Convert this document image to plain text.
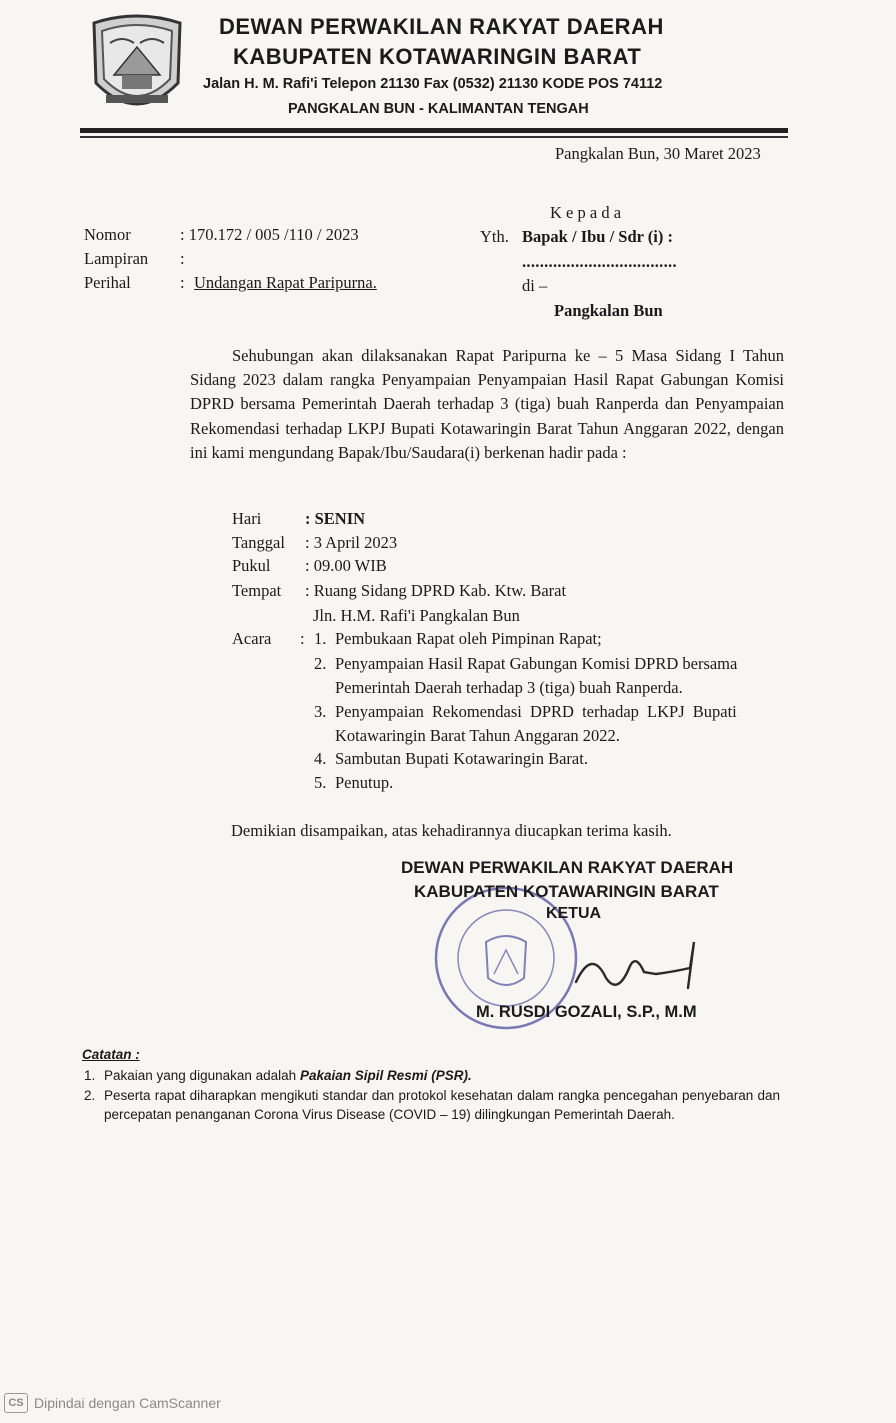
DEWAN PERWAKILAN RAKYAT DAERAH
KABUPATEN KOTAWARINGIN BARAT
Jalan H. M. Rafi'i Telepon 21130 Fax (0532) 21130 KODE POS 74112
PANGKALAN BUN - KALIMANTAN TENGAH
Pangkalan Bun, 30 Maret 2023
Nomor	: 170.172 / 005 /110 / 2023
Lampiran :
Perihal	: Undangan Rapat Paripurna.
K e p a d a
Yth. Bapak / Ibu / Sdr (i) :
...................................
di –
Pangkalan Bun
Sehubungan akan dilaksanakan Rapat Paripurna ke – 5 Masa Sidang I Tahun Sidang 2023 dalam rangka Penyampaian Penyampaian Hasil Rapat Gabungan Komisi DPRD bersama Pemerintah Daerah terhadap 3 (tiga) buah Ranperda dan Penyampaian Rekomendasi terhadap LKPJ Bupati Kotawaringin Barat Tahun Anggaran 2022, dengan ini kami mengundang Bapak/Ibu/Saudara(i) berkenan hadir pada :
Hari	: SENIN
Tanggal : 3 April 2023
Pukul : 09.00 WIB
Tempat : Ruang Sidang DPRD Kab. Ktw. Barat
Jln. H.M. Rafi'i Pangkalan Bun
Acara : 1. Pembukaan Rapat oleh Pimpinan Rapat;
2. Penyampaian Hasil Rapat Gabungan Komisi DPRD bersama
Pemerintah Daerah terhadap 3 (tiga) buah Ranperda.
3. Penyampaian Rekomendasi DPRD terhadap LKPJ Bupati
Kotawaringin Barat Tahun Anggaran 2022.
4. Sambutan Bupati Kotawaringin Barat.
5. Penutup.
Demikian disampaikan, atas kehadirannya diucapkan terima kasih.
DEWAN PERWAKILAN RAKYAT DAERAH
KABUPATEN KOTAWARINGIN BARAT
KETUA
M. RUSDI GOZALI, S.P., M.M
Catatan :
1. Pakaian yang digunakan adalah Pakaian Sipil Resmi (PSR).
2. Peserta rapat diharapkan mengikuti standar dan protokol kesehatan dalam rangka pencegahan penyebaran dan percepatan penanganan Corona Virus Disease (COVID – 19) dilingkungan Pemerintah Daerah.
CS Dipindai dengan CamScanner
